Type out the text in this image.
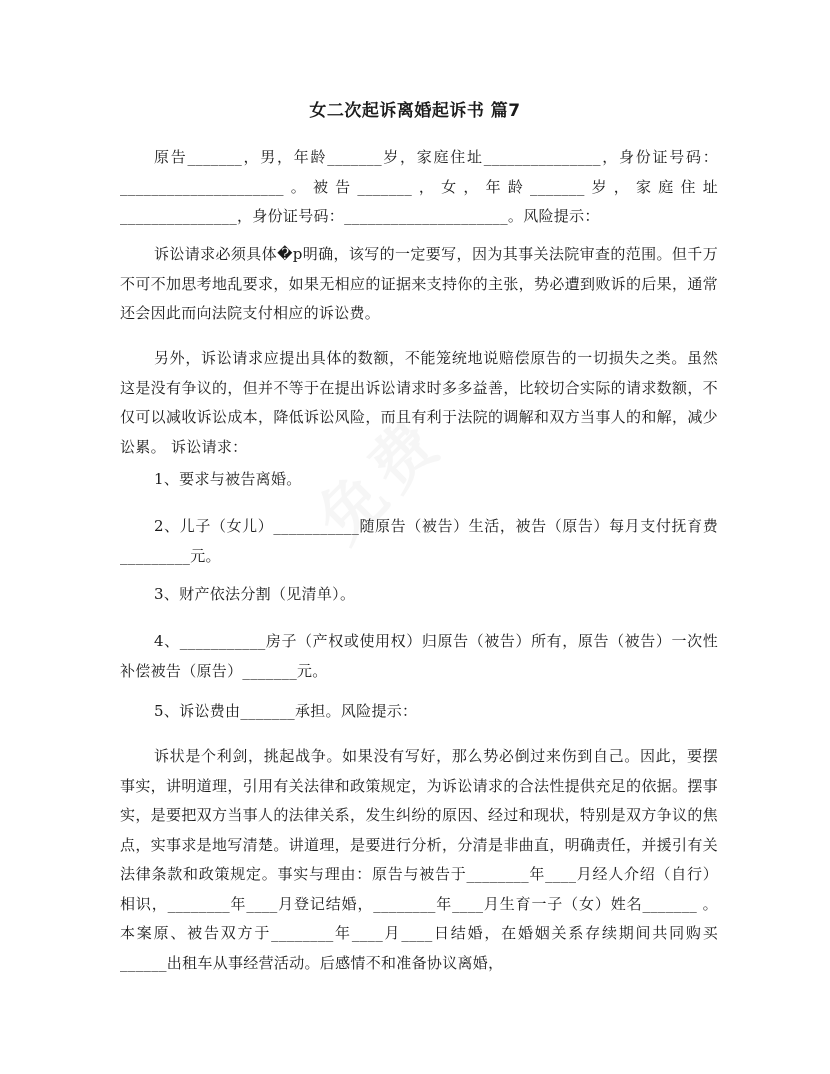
女二次起诉离婚起诉书 篇7

原告_______，男，年龄_______岁，家庭住址_______________，身份证号码：_____________________。被告_______，女，年龄_______岁，家庭住址_______________，身份证号码：_____________________。风险提示：

诉讼请求必须具体�p明确，该写的一定要写，因为其事关法院审查的范围。但千万不可不加思考地乱要求，如果无相应的证据来支持你的主张，势必遭到败诉的后果，通常还会因此而向法院支付相应的诉讼费。

另外，诉讼请求应提出具体的数额，不能笼统地说赔偿原告的一切损失之类。虽然这是没有争议的，但并不等于在提出诉讼请求时多多益善，比较切合实际的请求数额，不仅可以减收诉讼成本，降低诉讼风险，而且有利于法院的调解和双方当事人的和解，减少讼累。 诉讼请求：

1、要求与被告离婚。

2、儿子（女儿）___________随原告（被告）生活，被告（原告）每月支付抚育费_________元。

3、财产依法分割（见清单）。

4、___________房子（产权或使用权）归原告（被告）所有，原告（被告）一次性补偿被告（原告）_______元。

5、诉讼费由_______承担。风险提示：

诉状是个利剑，挑起战争。如果没有写好，那么势必倒过来伤到自己。因此，要摆事实，讲明道理，引用有关法律和政策规定，为诉讼请求的合法性提供充足的依据。摆事实，是要把双方当事人的法律关系，发生纠纷的原因、经过和现状，特别是双方争议的焦点，实事求是地写清楚。讲道理，是要进行分析，分清是非曲直，明确责任，并援引有关法律条款和政策规定。事实与理由：原告与被告于________年____月经人介绍（自行）相识，________年____月登记结婚，________年____月生育一子（女）姓名_______ 。本案原、被告双方于________年____月____日结婚，在婚姻关系存续期间共同购买______出租车从事经营活动。后感情不和准备协议离婚，
